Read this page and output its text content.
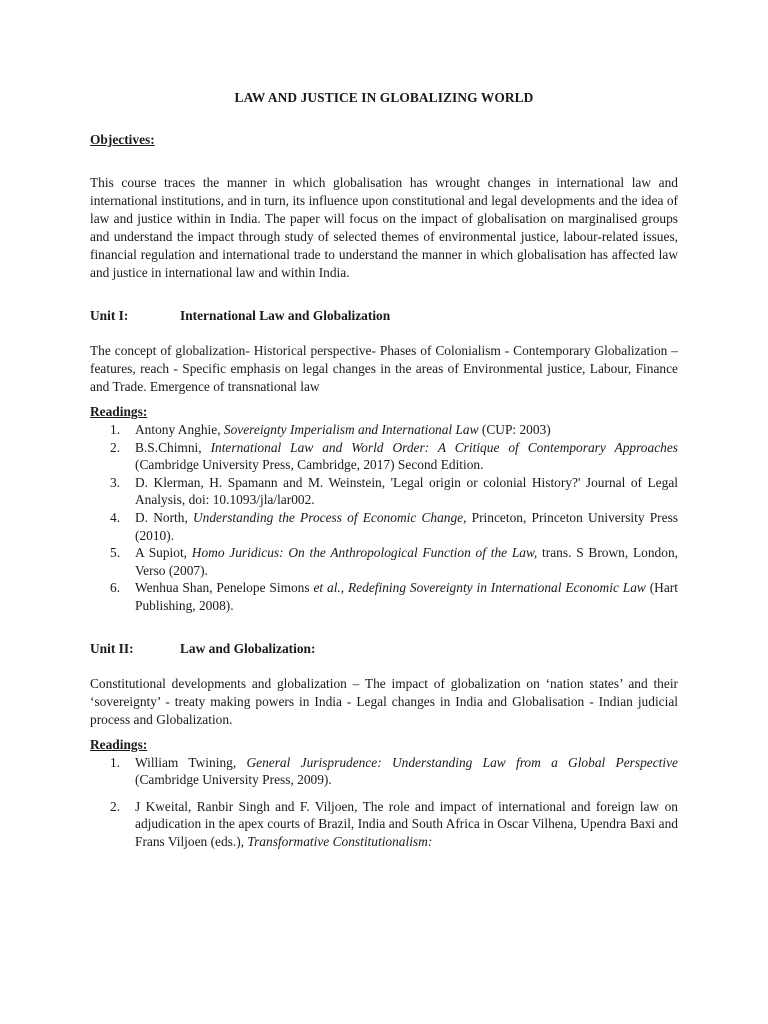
LAW AND JUSTICE IN GLOBALIZING WORLD
Objectives:

This course traces the manner in which globalisation has wrought changes in international law and international institutions, and in turn, its influence upon constitutional and legal developments and the idea of law and justice within in India. The paper will focus on the impact of globalisation on marginalised groups and understand the impact through study of selected themes of environmental justice, labour-related issues, financial regulation and international trade to understand the manner in which globalisation has affected law and justice in international law and within India.

Unit I:	International Law and Globalization

The concept of globalization- Historical perspective- Phases of Colonialism - Contemporary Globalization – features, reach - Specific emphasis on legal changes in the areas of Environmental justice, Labour, Finance and Trade. Emergence of transnational law

Readings:
1. Antony Anghie, Sovereignty Imperialism and International Law (CUP: 2003)
2. B.S.Chimni, International Law and World Order: A Critique of Contemporary Approaches (Cambridge University Press, Cambridge, 2017) Second Edition.
3. D. Klerman, H. Spamann and M. Weinstein, 'Legal origin or colonial History?' Journal of Legal Analysis, doi: 10.1093/jla/lar002.
4. D. North, Understanding the Process of Economic Change, Princeton, Princeton University Press (2010).
5. A Supiot, Homo Juridicus: On the Anthropological Function of the Law, trans. S Brown, London, Verso (2007).
6. Wenhua Shan, Penelope Simons et al., Redefining Sovereignty in International Economic Law (Hart Publishing, 2008).
Unit II:	Law and Globalization:

Constitutional developments and globalization – The impact of globalization on ‘nation states’ and their ‘sovereignty’ - treaty making powers in India - Legal changes in India and Globalisation - Indian judicial process and Globalization.

Readings:
1. William Twining, General Jurisprudence: Understanding Law from a Global Perspective (Cambridge University Press, 2009).
2. J Kweital, Ranbir Singh and F. Viljoen, The role and impact of international and foreign law on adjudication in the apex courts of Brazil, India and South Africa in Oscar Vilhena, Upendra Baxi and Frans Viljoen (eds.), Transformative Constitutionalism:
